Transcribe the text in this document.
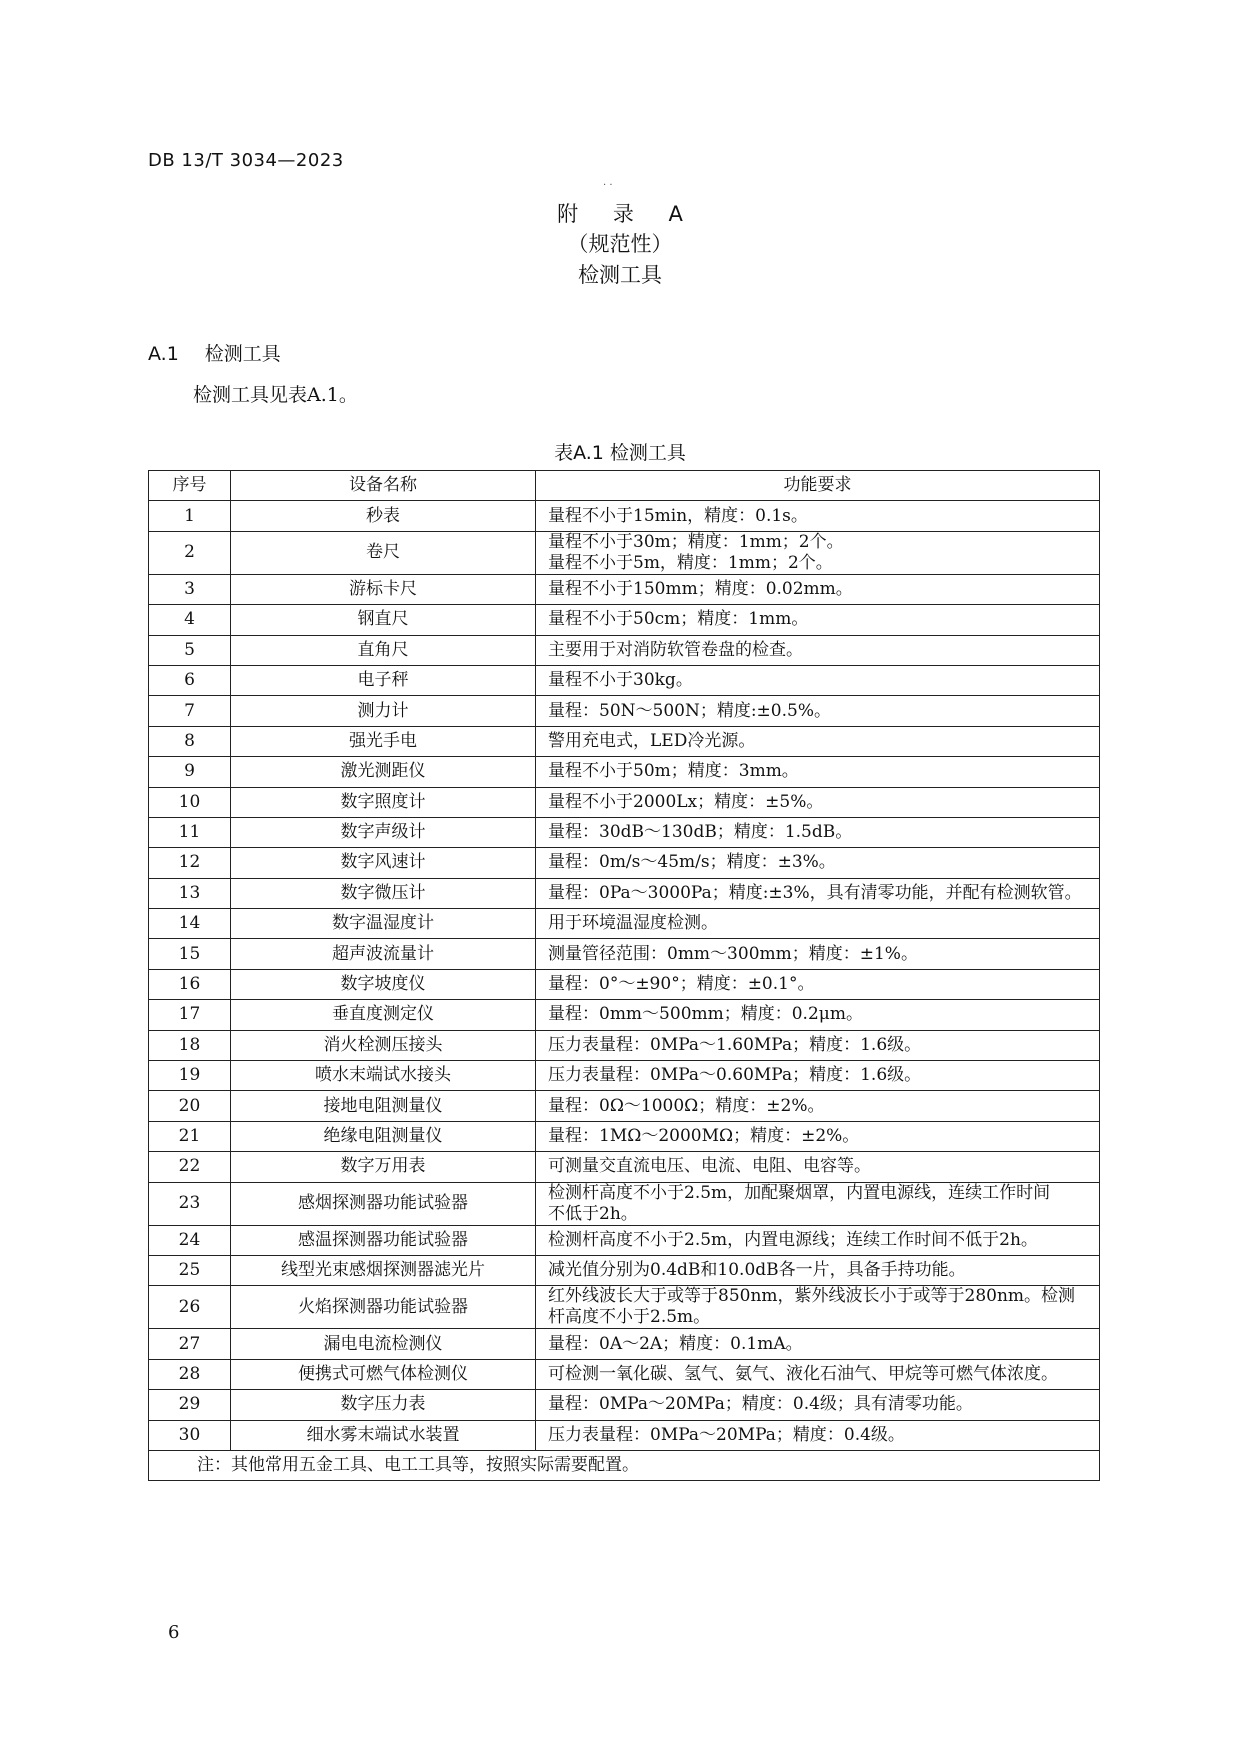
DB 13/T 3034—2023
· ·
附 录 A
（规范性）
检测工具
A.1 检测工具
检测工具见表A.1。
表A.1 检测工具
序号	设备名称	功能要求
1	秒表	量程不小于15min，精度：0.1s。

2	卷尺	量程不小于30m；精度：1mm；2个。
量程不小于5m，精度：1mm；2个。

3	游标卡尺	量程不小于150mm；精度：0.02mm。

4	钢直尺	量程不小于50cm；精度：1mm。

5	直角尺	主要用于对消防软管卷盘的检查。

6	电子秤	量程不小于30kg。

7	测力计	量程：50N～500N；精度:±0.5%。

8	强光手电	警用充电式，LED冷光源。

9	激光测距仪	量程不小于50m；精度：3mm。

10	数字照度计	量程不小于2000Lx；精度：±5%。

11	数字声级计	量程：30dB～130dB；精度：1.5dB。

12	数字风速计	量程：0m/s～45m/s；精度：±3%。

13	数字微压计	量程：0Pa～3000Pa；精度:±3%，具有清零功能，并配有检测软管。

14	数字温湿度计	用于环境温湿度检测。

15	超声波流量计	测量管径范围：0mm～300mm；精度：±1%。

16	数字坡度仪	量程：0°～±90°；精度：±0.1°。

17	垂直度测定仪	量程：0mm～500mm；精度：0.2μm。

18	消火栓测压接头	压力表量程：0MPa～1.60MPa；精度：1.6级。

19	喷水末端试水接头	压力表量程：0MPa～0.60MPa；精度：1.6级。

20	接地电阻测量仪	量程：0Ω～1000Ω；精度：±2%。

21	绝缘电阻测量仪	量程：1MΩ～2000MΩ；精度：±2%。

22	数字万用表	可测量交直流电压、电流、电阻、电容等。

23	感烟探测器功能试验器	检测杆高度不小于2.5m，加配聚烟罩，内置电源线，连续工作时间
不低于2h。

24	感温探测器功能试验器	检测杆高度不小于2.5m，内置电源线；连续工作时间不低于2h。

25	线型光束感烟探测器滤光片	减光值分别为0.4dB和10.0dB各一片，具备手持功能。

26	火焰探测器功能试验器	红外线波长大于或等于850nm，紫外线波长小于或等于280nm。检测
杆高度不小于2.5m。

27	漏电电流检测仪	量程：0A～2A；精度：0.1mA。

28	便携式可燃气体检测仪	可检测一氧化碳、氢气、氨气、液化石油气、甲烷等可燃气体浓度。

29	数字压力表	量程：0MPa～20MPa；精度：0.4级；具有清零功能。

30	细水雾末端试水装置	压力表量程：0MPa～20MPa；精度：0.4级。

注：其他常用五金工具、电工工具等，按照实际需要配置。		
6
